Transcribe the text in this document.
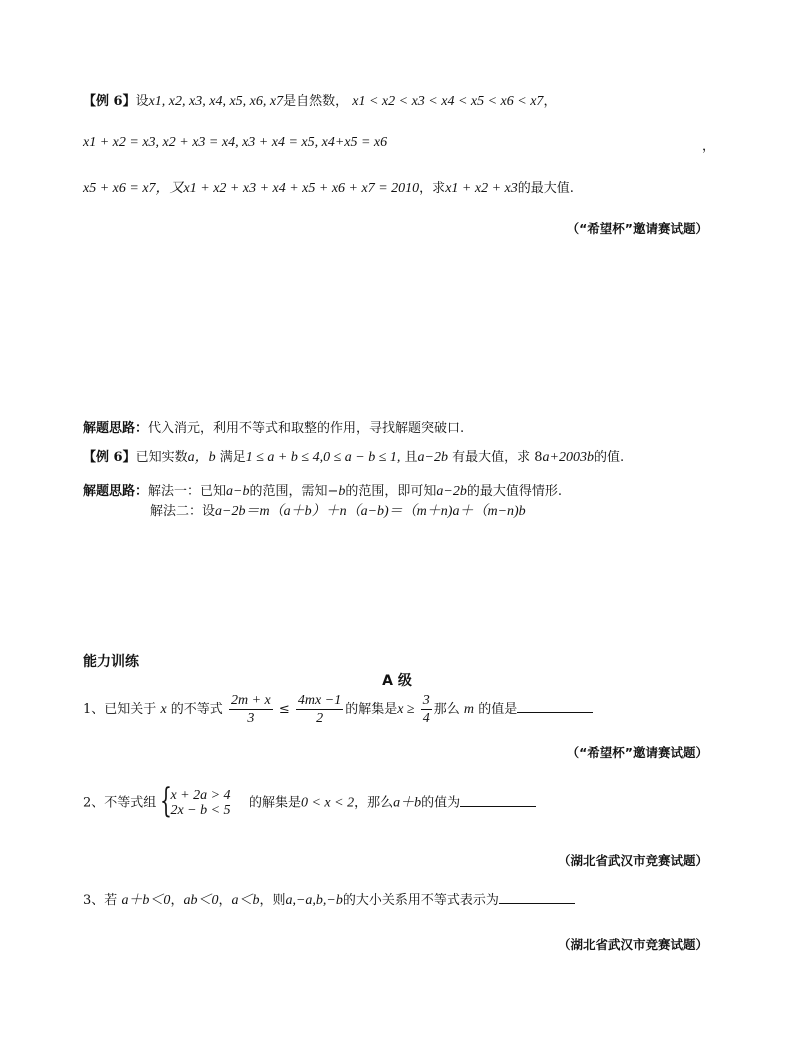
【例 6】设x1, x2, x3, x4, x5, x6, x7是自然数， x1 < x2 < x3 < x4 < x5 < x6 < x7，
x1 + x2 = x3, x2 + x3 = x4, x3 + x4 = x5, x4+x5 = x6	，
x5 + x6 = x7，又x1 + x2 + x3 + x4 + x5 + x6 + x7 = 2010，求x1 + x2 + x3的最大值.
（“希望杯”邀请赛试题）
解题思路：代入消元，利用不等式和取整的作用，寻找解题突破口.
【例 6】已知实数a，b 满足1 ≤ a + b ≤ 4,0 ≤ a − b ≤ 1, 且a−2b 有最大值，求 8a+2003b的值.
解题思路：解法一：已知a−b的范围，需知−b的范围，即可知a−2b的最大值得情形.
解法二：设a−2b＝m（a＋b）＋n（a−b)＝（m＋n)a＋（m−n)b
能力训练
A 级
1、已知关于 x 的不等式 $\frac{2m + x}{3} \le \frac{4mx -1}{2}$ 的解集是$x \ge \frac{3}{4}$ 那么 m 的值是
（“希望杯”邀请赛试题）
2、不等式组 {
x + 2a > 4
2x − b < 5 的解集是0 < x < 2，那么a＋b的值为
（湖北省武汉市竞赛试题）
3、若 a＋b＜0，ab＜0，a＜b，则a,−a,b,−b的大小关系用不等式表示为
（湖北省武汉市竞赛试题）
